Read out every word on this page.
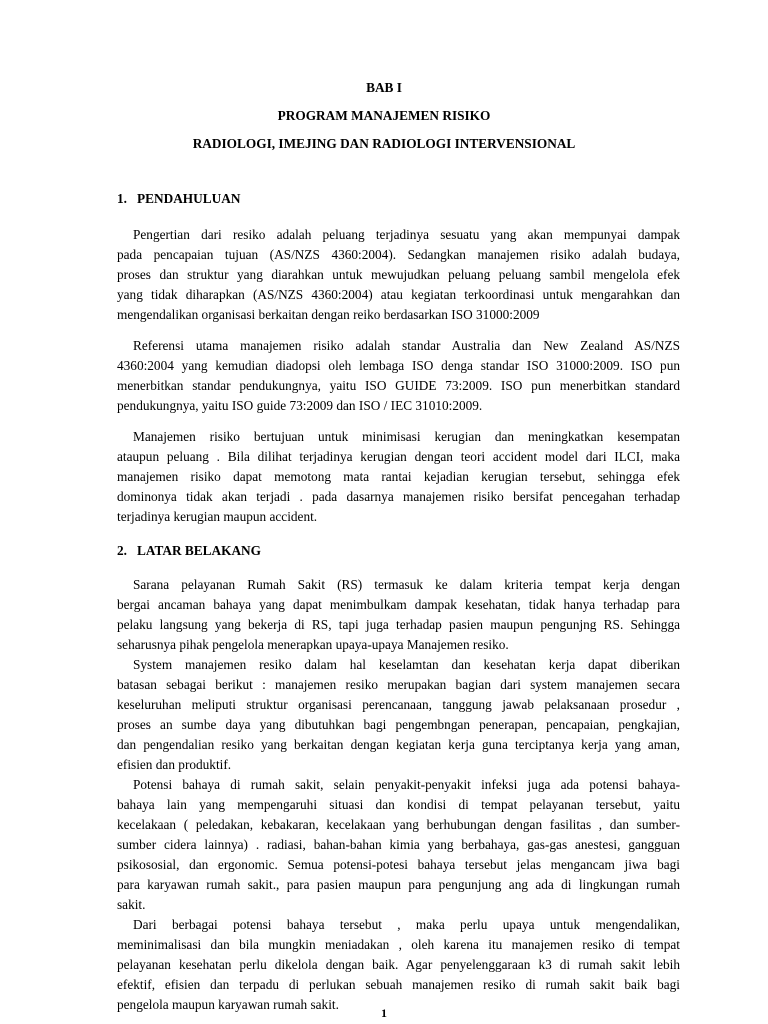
BAB I
PROGRAM MANAJEMEN RISIKO
RADIOLOGI, IMEJING DAN RADIOLOGI INTERVENSIONAL
1. PENDAHULUAN
Pengertian dari resiko adalah peluang terjadinya sesuatu yang akan mempunyai dampak
pada pencapaian tujuan (AS/NZS 4360:2004). Sedangkan manajemen risiko adalah budaya,
proses dan struktur yang diarahkan untuk mewujudkan peluang peluang sambil mengelola efek
yang tidak diharapkan (AS/NZS 4360:2004) atau kegiatan terkoordinasi untuk mengarahkan dan
mengendalikan organisasi berkaitan dengan reiko berdasarkan ISO 31000:2009
Referensi utama manajemen risiko adalah standar Australia dan New Zealand AS/NZS
4360:2004 yang kemudian diadopsi oleh lembaga ISO denga standar ISO 31000:2009. ISO pun
menerbitkan standar pendukungnya, yaitu ISO GUIDE 73:2009. ISO pun menerbitkan standard
pendukungnya, yaitu ISO guide 73:2009 dan ISO / IEC 31010:2009.
Manajemen risiko bertujuan untuk minimisasi kerugian dan meningkatkan kesempatan
ataupun peluang . Bila dilihat terjadinya kerugian dengan teori accident model dari ILCI, maka
manajemen risiko dapat memotong mata rantai kejadian kerugian tersebut, sehingga efek
dominonya tidak akan terjadi . pada dasarnya manajemen risiko bersifat pencegahan terhadap
terjadinya kerugian maupun accident.
2. LATAR BELAKANG
Sarana pelayanan Rumah Sakit (RS) termasuk ke dalam kriteria tempat kerja dengan
bergai ancaman bahaya yang dapat menimbulkam dampak kesehatan, tidak hanya terhadap para
pelaku langsung yang bekerja di RS, tapi juga terhadap pasien maupun pengunjng RS. Sehingga
seharusnya pihak pengelola menerapkan upaya-upaya Manajemen resiko.
System manajemen resiko dalam hal keselamtan dan kesehatan kerja dapat diberikan
batasan sebagai berikut : manajemen resiko merupakan bagian dari system manajemen secara
keseluruhan meliputi struktur organisasi perencanaan, tanggung jawab pelaksanaan prosedur ,
proses an sumbe daya yang dibutuhkan bagi pengembngan penerapan, pencapaian, pengkajian,
dan pengendalian resiko yang berkaitan dengan kegiatan kerja guna terciptanya kerja yang aman,
efisien dan produktif.
Potensi bahaya di rumah sakit, selain penyakit-penyakit infeksi juga ada potensi bahaya-
bahaya lain yang mempengaruhi situasi dan kondisi di tempat pelayanan tersebut, yaitu
kecelakaan ( peledakan, kebakaran, kecelakaan yang berhubungan dengan fasilitas , dan sumber-
sumber cidera lainnya) . radiasi, bahan-bahan kimia yang berbahaya, gas-gas anestesi, gangguan
psikososial, dan ergonomic. Semua potensi-potesi bahaya tersebut jelas mengancam jiwa bagi
para karyawan rumah sakit., para pasien maupun para pengunjung ang ada di lingkungan rumah
sakit.
Dari berbagai potensi bahaya tersebut , maka perlu upaya untuk mengendalikan,
meminimalisasi dan bila mungkin meniadakan , oleh karena itu manajemen resiko di tempat
pelayanan kesehatan perlu dikelola dengan baik. Agar penyelenggaraan k3 di rumah sakit lebih
efektif, efisien dan terpadu di perlukan sebuah manajemen resiko di rumah sakit baik bagi
pengelola maupun karyawan rumah sakit.
1
